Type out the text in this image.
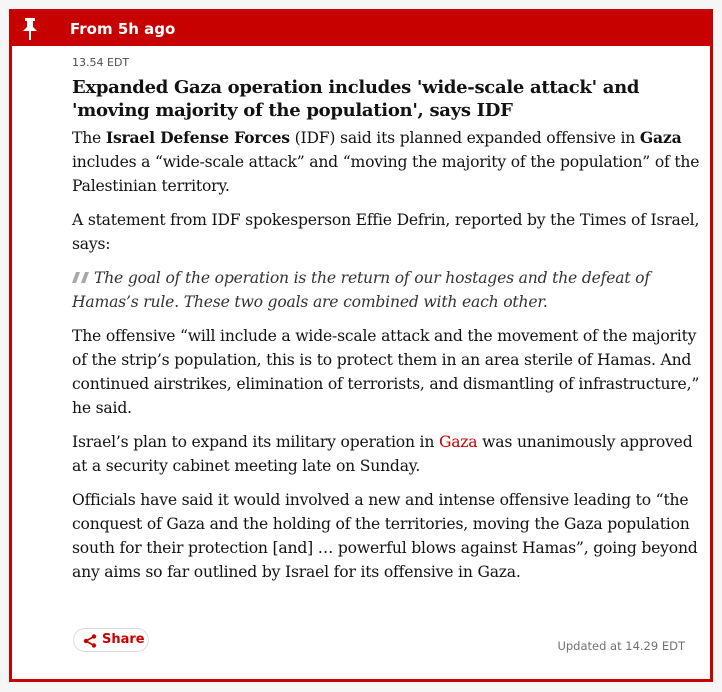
From 5h ago
13.54 EDT
Expanded Gaza operation includes 'wide-scale attack' and 'moving majority of the population', says IDF

The Israel Defense Forces (IDF) said its planned expanded offensive in Gaza includes a “wide-scale attack” and “moving the majority of the population” of the Palestinian territory.

A statement from IDF spokesperson Effie Defrin, reported by the Times of Israel, says:

The goal of the operation is the return of our hostages and the defeat of Hamas’s rule. These two goals are combined with each other.

The offensive “will include a wide-scale attack and the movement of the majority of the strip’s population, this is to protect them in an area sterile of Hamas. And continued airstrikes, elimination of terrorists, and dismantling of infrastructure,” he said.

Israel’s plan to expand its military operation in Gaza was unanimously approved at a security cabinet meeting late on Sunday.

Officials have said it would involved a new and intense offensive leading to “the conquest of Gaza and the holding of the territories, moving the Gaza population south for their protection [and] … powerful blows against Hamas”, going beyond any aims so far outlined by Israel for its offensive in Gaza.

Share	Updated at 14.29 EDT
